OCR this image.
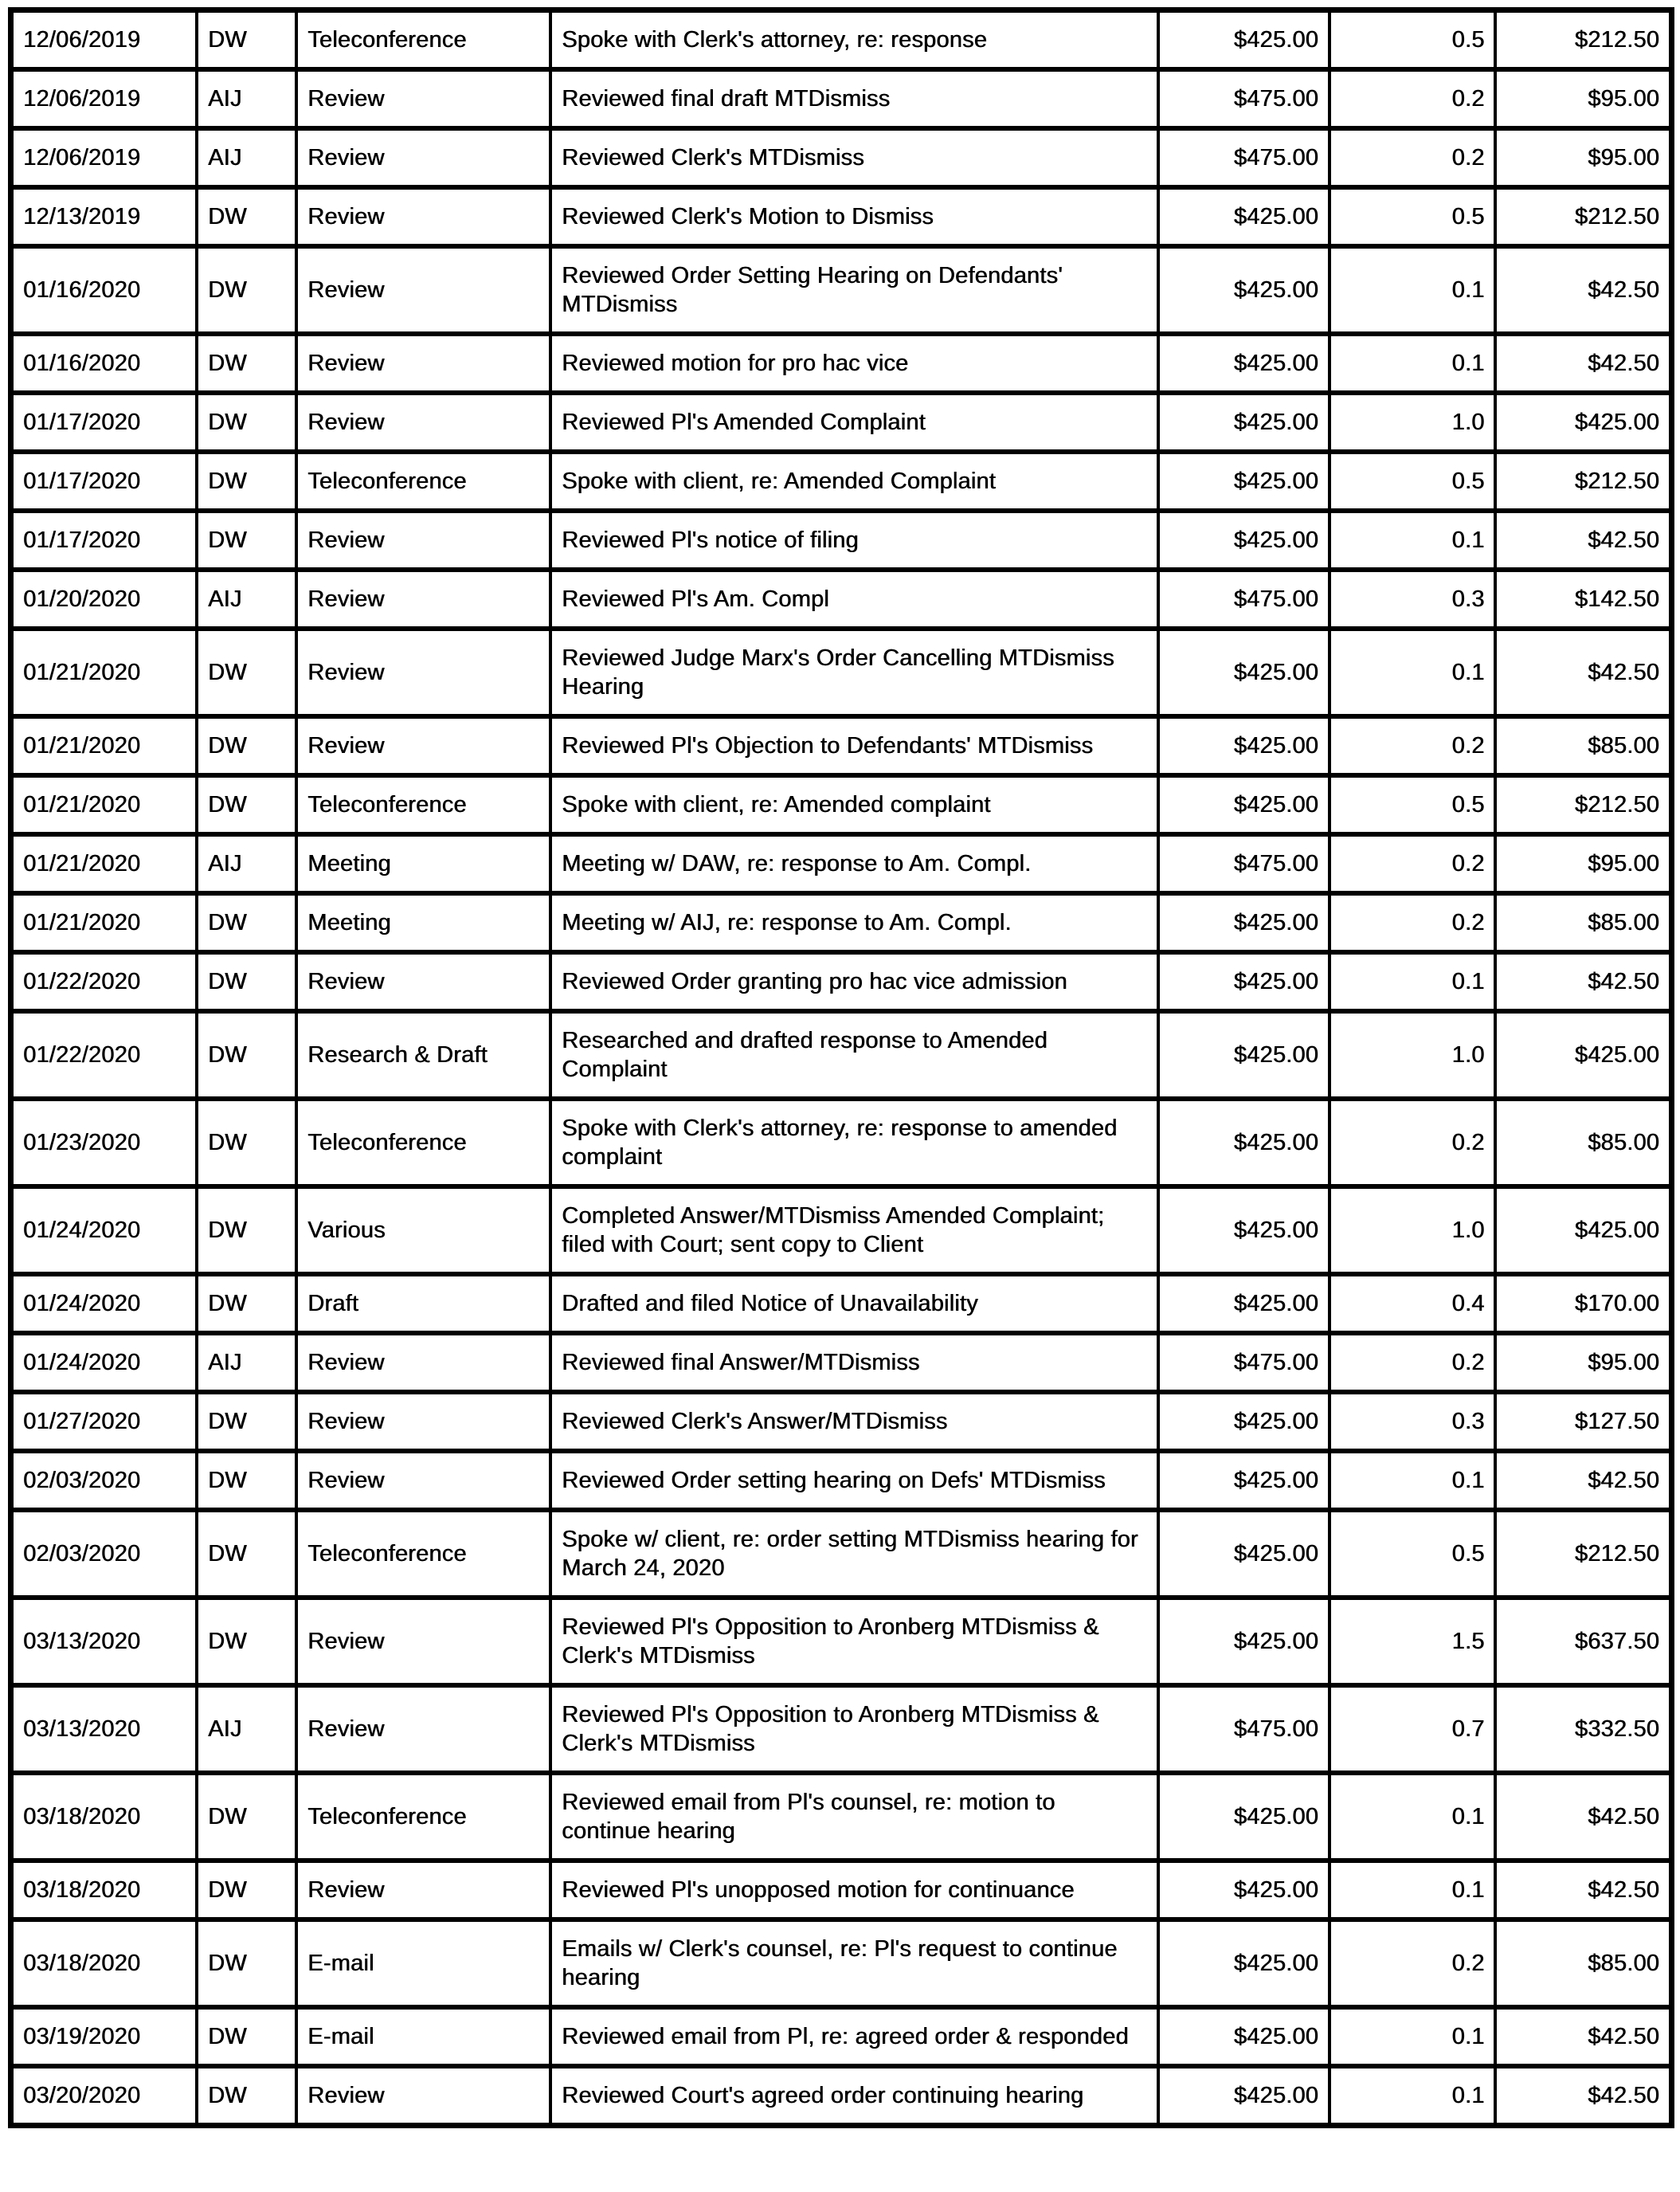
12/06/2019	DW	Teleconference	Spoke with Clerk's attorney, re: response	$425.00	0.5	$212.50
12/06/2019	AIJ	Review	Reviewed final draft MTDismiss	$475.00	0.2	$95.00
12/06/2019	AIJ	Review	Reviewed Clerk's MTDismiss	$475.00	0.2	$95.00
12/13/2019	DW	Review	Reviewed Clerk's Motion to Dismiss	$425.00	0.5	$212.50
01/16/2020	DW	Review	Reviewed Order Setting Hearing on Defendants' MTDismiss	$425.00	0.1	$42.50
01/16/2020	DW	Review	Reviewed motion for pro hac vice	$425.00	0.1	$42.50
01/17/2020	DW	Review	Reviewed Pl's Amended Complaint	$425.00	1.0	$425.00
01/17/2020	DW	Teleconference	Spoke with client, re: Amended Complaint	$425.00	0.5	$212.50
01/17/2020	DW	Review	Reviewed Pl's notice of filing	$425.00	0.1	$42.50
01/20/2020	AIJ	Review	Reviewed Pl's Am. Compl	$475.00	0.3	$142.50
01/21/2020	DW	Review	Reviewed Judge Marx's Order Cancelling MTDismiss Hearing	$425.00	0.1	$42.50
01/21/2020	DW	Review	Reviewed Pl's Objection to Defendants' MTDismiss	$425.00	0.2	$85.00
01/21/2020	DW	Teleconference	Spoke with client, re: Amended complaint	$425.00	0.5	$212.50
01/21/2020	AIJ	Meeting	Meeting w/ DAW, re: response to Am. Compl.	$475.00	0.2	$95.00
01/21/2020	DW	Meeting	Meeting w/ AIJ, re: response to Am. Compl.	$425.00	0.2	$85.00
01/22/2020	DW	Review	Reviewed Order granting pro hac vice admission	$425.00	0.1	$42.50
01/22/2020	DW	Research & Draft	Researched and drafted response to Amended Complaint	$425.00	1.0	$425.00
01/23/2020	DW	Teleconference	Spoke with Clerk's attorney, re: response to amended complaint	$425.00	0.2	$85.00
01/24/2020	DW	Various	Completed Answer/MTDismiss Amended Complaint; filed with Court; sent copy to Client	$425.00	1.0	$425.00
01/24/2020	DW	Draft	Drafted and filed Notice of Unavailability	$425.00	0.4	$170.00
01/24/2020	AIJ	Review	Reviewed final Answer/MTDismiss	$475.00	0.2	$95.00
01/27/2020	DW	Review	Reviewed Clerk's Answer/MTDismiss	$425.00	0.3	$127.50
02/03/2020	DW	Review	Reviewed Order setting hearing on Defs' MTDismiss	$425.00	0.1	$42.50
02/03/2020	DW	Teleconference	Spoke w/ client, re: order setting MTDismiss hearing for March 24, 2020	$425.00	0.5	$212.50
03/13/2020	DW	Review	Reviewed Pl's Opposition to Aronberg MTDismiss & Clerk's MTDismiss	$425.00	1.5	$637.50
03/13/2020	AIJ	Review	Reviewed Pl's Opposition to Aronberg MTDismiss & Clerk's MTDismiss	$475.00	0.7	$332.50
03/18/2020	DW	Teleconference	Reviewed email from Pl's counsel, re: motion to continue hearing	$425.00	0.1	$42.50
03/18/2020	DW	Review	Reviewed Pl's unopposed motion for continuance	$425.00	0.1	$42.50
03/18/2020	DW	E-mail	Emails w/ Clerk's counsel, re: Pl's request to continue hearing	$425.00	0.2	$85.00
03/19/2020	DW	E-mail	Reviewed email from Pl, re: agreed order & responded	$425.00	0.1	$42.50
03/20/2020	DW	Review	Reviewed Court's agreed order continuing hearing	$425.00	0.1	$42.50
